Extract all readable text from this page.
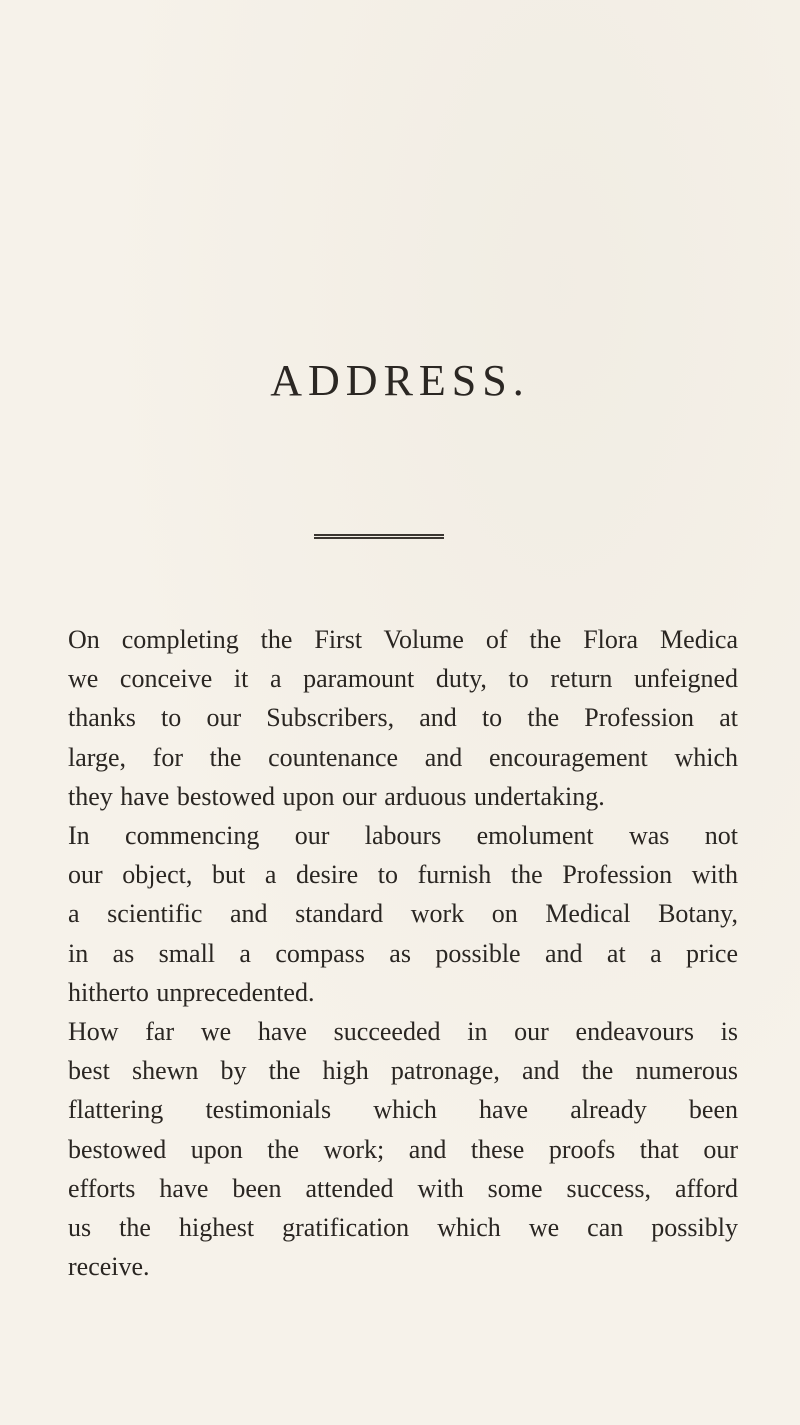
ADDRESS.
On completing the First Volume of the Flora Medica
we conceive it a paramount duty, to return unfeigned
thanks to our Subscribers, and to the Profession at
large, for the countenance and encouragement which
they have bestowed upon our arduous undertaking.
In commencing our labours emolument was not
our object, but a desire to furnish the Profession with
a scientific and standard work on Medical Botany,
in as small a compass as possible and at a price
hitherto unprecedented.
How far we have succeeded in our endeavours is
best shewn by the high patronage, and the numerous
flattering testimonials which have already been
bestowed upon the work; and these proofs that our
efforts have been attended with some success, afford
us the highest gratification which we can possibly
receive.
